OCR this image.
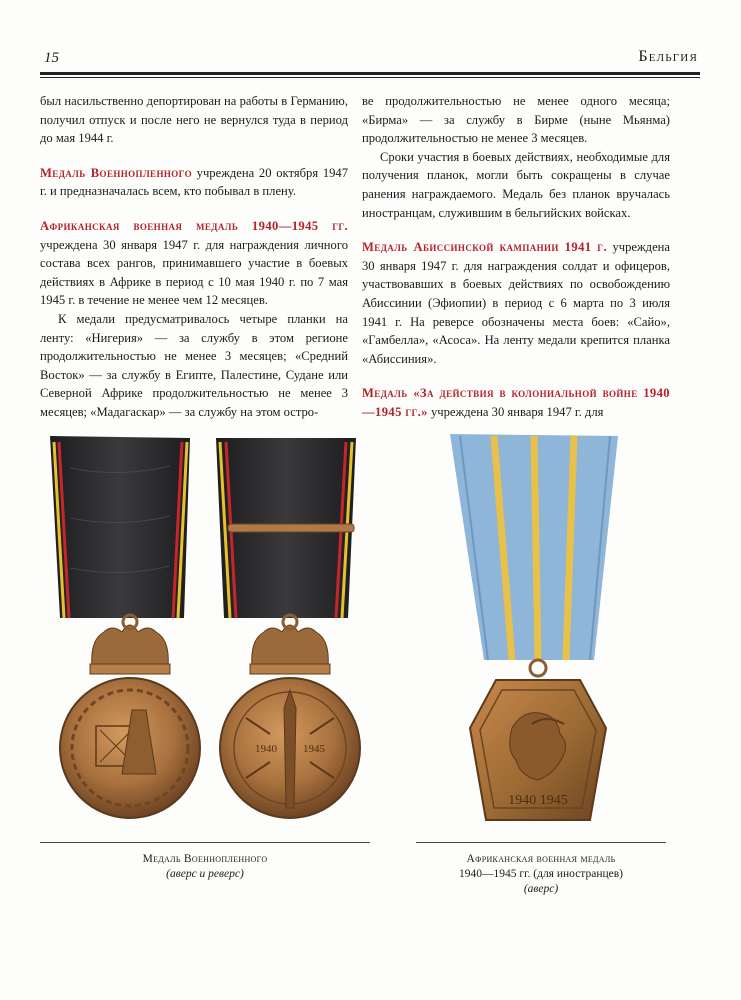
15	Бельгия

был насильственно депортирован на работы в Германию, получил отпуск и после него не вернулся туда в период до мая 1944 г.

Медаль Военнопленного учреждена 20 октября 1947 г. и предназначалась всем, кто побывал в плену.

Африканская военная медаль 1940—1945 гг. учреждена 30 января 1947 г. для награждения личного состава всех рангов, принимавшего участие в боевых действиях в Африке в период с 10 мая 1940 г. по 7 мая 1945 г. в течение не менее чем 12 месяцев.

К медали предусматривалось четыре планки на ленту: «Нигерия» — за службу в этом регионе продолжительностью не менее 3 месяцев; «Средний Восток» — за службу в Египте, Палестине, Судане или Северной Африке продолжительностью не менее 3 месяцев; «Мадагаскар» — за службу на этом остро-

ве продолжительностью не менее одного месяца; «Бирма» — за службу в Бирме (ныне Мьянма) продолжительностью не менее 3 месяцев.

Сроки участия в боевых действиях, необходимые для получения планок, могли быть сокращены в случае ранения награждаемого. Медаль без планок вручалась иностранцам, служившим в бельгийских войсках.

Медаль Абиссинской кампании 1941 г. учреждена 30 января 1947 г. для награждения солдат и офицеров, участвовавших в боевых действиях по освобождению Абиссинии (Эфиопии) в период с 6 марта по 3 июля 1941 г. На реверсе обозначены места боев: «Сайо», «Гамбелла», «Асоса». На ленту медали крепится планка «Абиссиния».

Медаль «За действия в колониальной войне 1940—1945 гг.» учреждена 30 января 1947 г. для

1940 1945
1940 1945
Медаль Военнопленного
(аверс и реверс)
Африканская военная медаль
1940—1945 гг. (для иностранцев)
(аверс)
